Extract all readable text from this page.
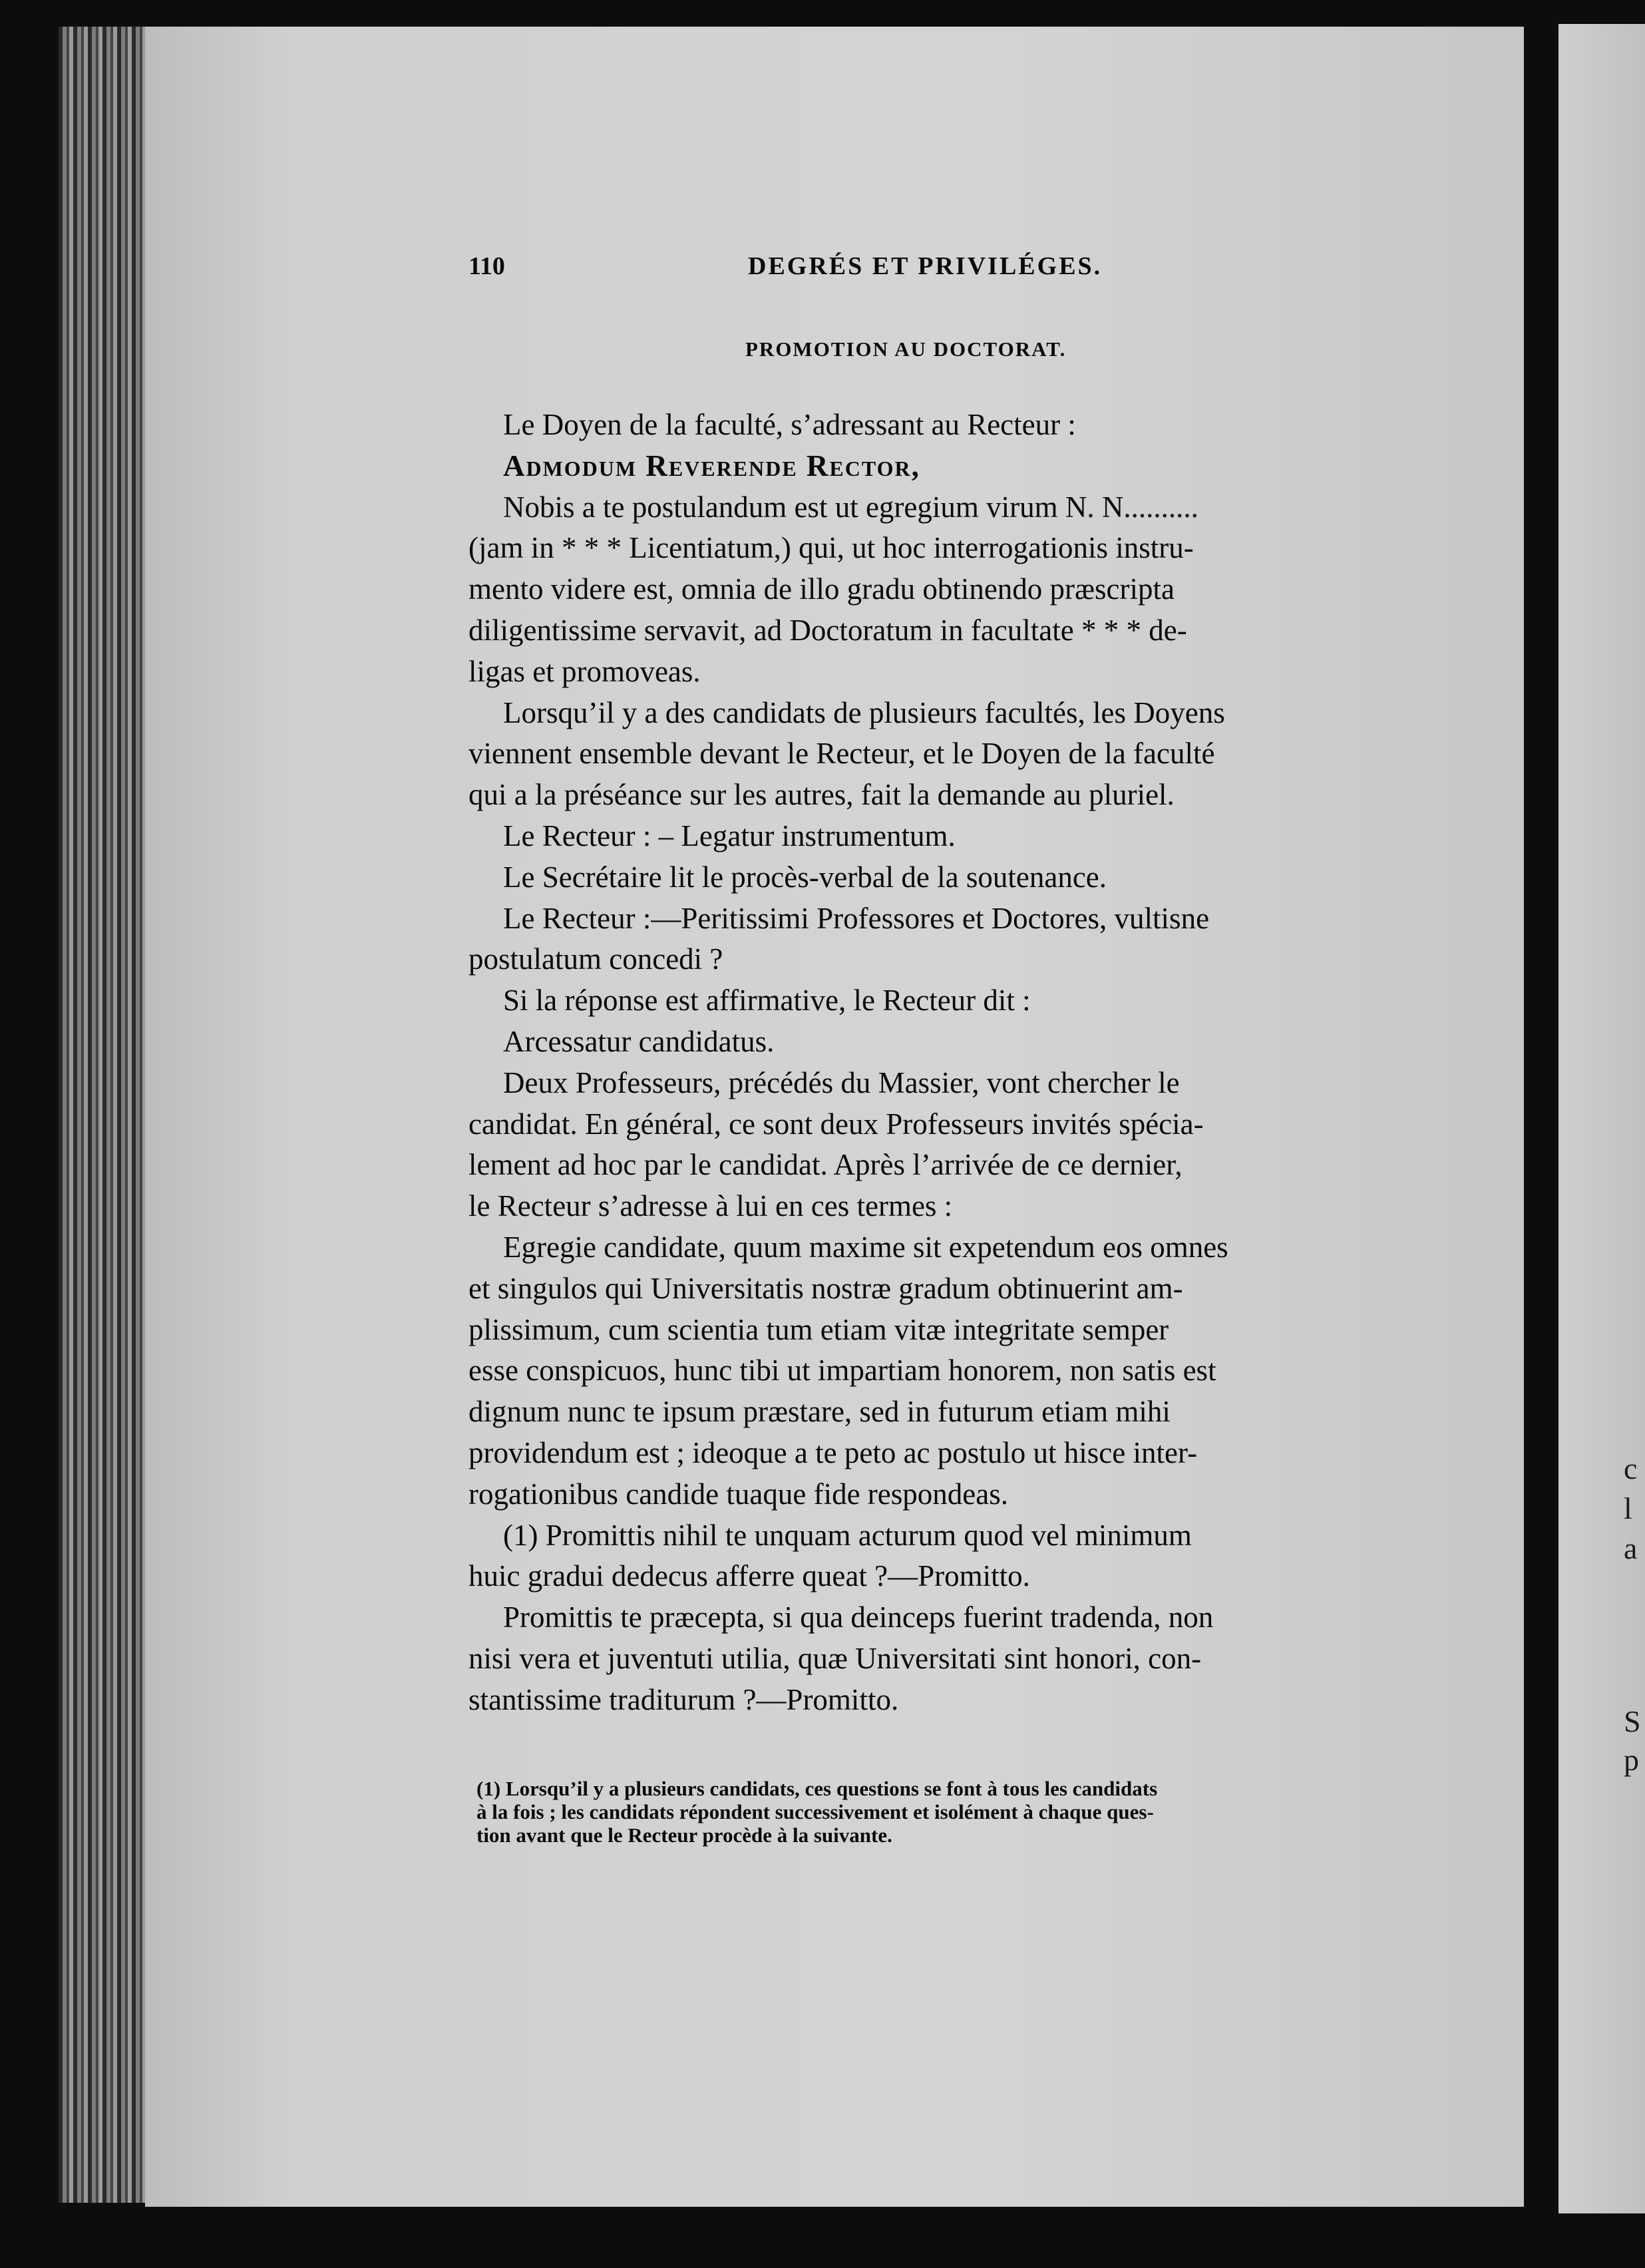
c
l
a
S
p
110	DEGRÉS ET PRIVILÉGES.
PROMOTION AU DOCTORAT.
Le Doyen de la faculté, s’adressant au Recteur :
Admodum Reverende Rector,
Nobis a te postulandum est ut egregium virum N. N..........
(jam in * * * Licentiatum,) qui, ut hoc interrogationis instru-
mento videre est, omnia de illo gradu obtinendo præscripta
diligentissime servavit, ad Doctoratum in facultate * * * de-
ligas et promoveas.
Lorsqu’il y a des candidats de plusieurs facultés, les Doyens
viennent ensemble devant le Recteur, et le Doyen de la faculté
qui a la préséance sur les autres, fait la demande au pluriel.
Le Recteur : – Legatur instrumentum.
Le Secrétaire lit le procès-verbal de la soutenance.
Le Recteur :—Peritissimi Professores et Doctores, vultisne
postulatum concedi ?
Si la réponse est affirmative, le Recteur dit :
Arcessatur candidatus.
Deux Professeurs, précédés du Massier, vont chercher le
candidat. En général, ce sont deux Professeurs invités spécia-
lement ad hoc par le candidat. Après l’arrivée de ce dernier,
le Recteur s’adresse à lui en ces termes :
Egregie candidate, quum maxime sit expetendum eos omnes
et singulos qui Universitatis nostræ gradum obtinuerint am-
plissimum, cum scientia tum etiam vitæ integritate semper
esse conspicuos, hunc tibi ut impartiam honorem, non satis est
dignum nunc te ipsum præstare, sed in futurum etiam mihi
providendum est ; ideoque a te peto ac postulo ut hisce inter-
rogationibus candide tuaque fide respondeas.
(1) Promittis nihil te unquam acturum quod vel minimum
huic gradui dedecus afferre queat ?—Promitto.
Promittis te præcepta, si qua deinceps fuerint tradenda, non
nisi vera et juventuti utilia, quæ Universitati sint honori, con-
stantissime traditurum ?—Promitto.
(1) Lorsqu’il y a plusieurs candidats, ces questions se font à tous les candidats
à la fois ; les candidats répondent successivement et isolément à chaque ques-
tion avant que le Recteur procède à la suivante.
